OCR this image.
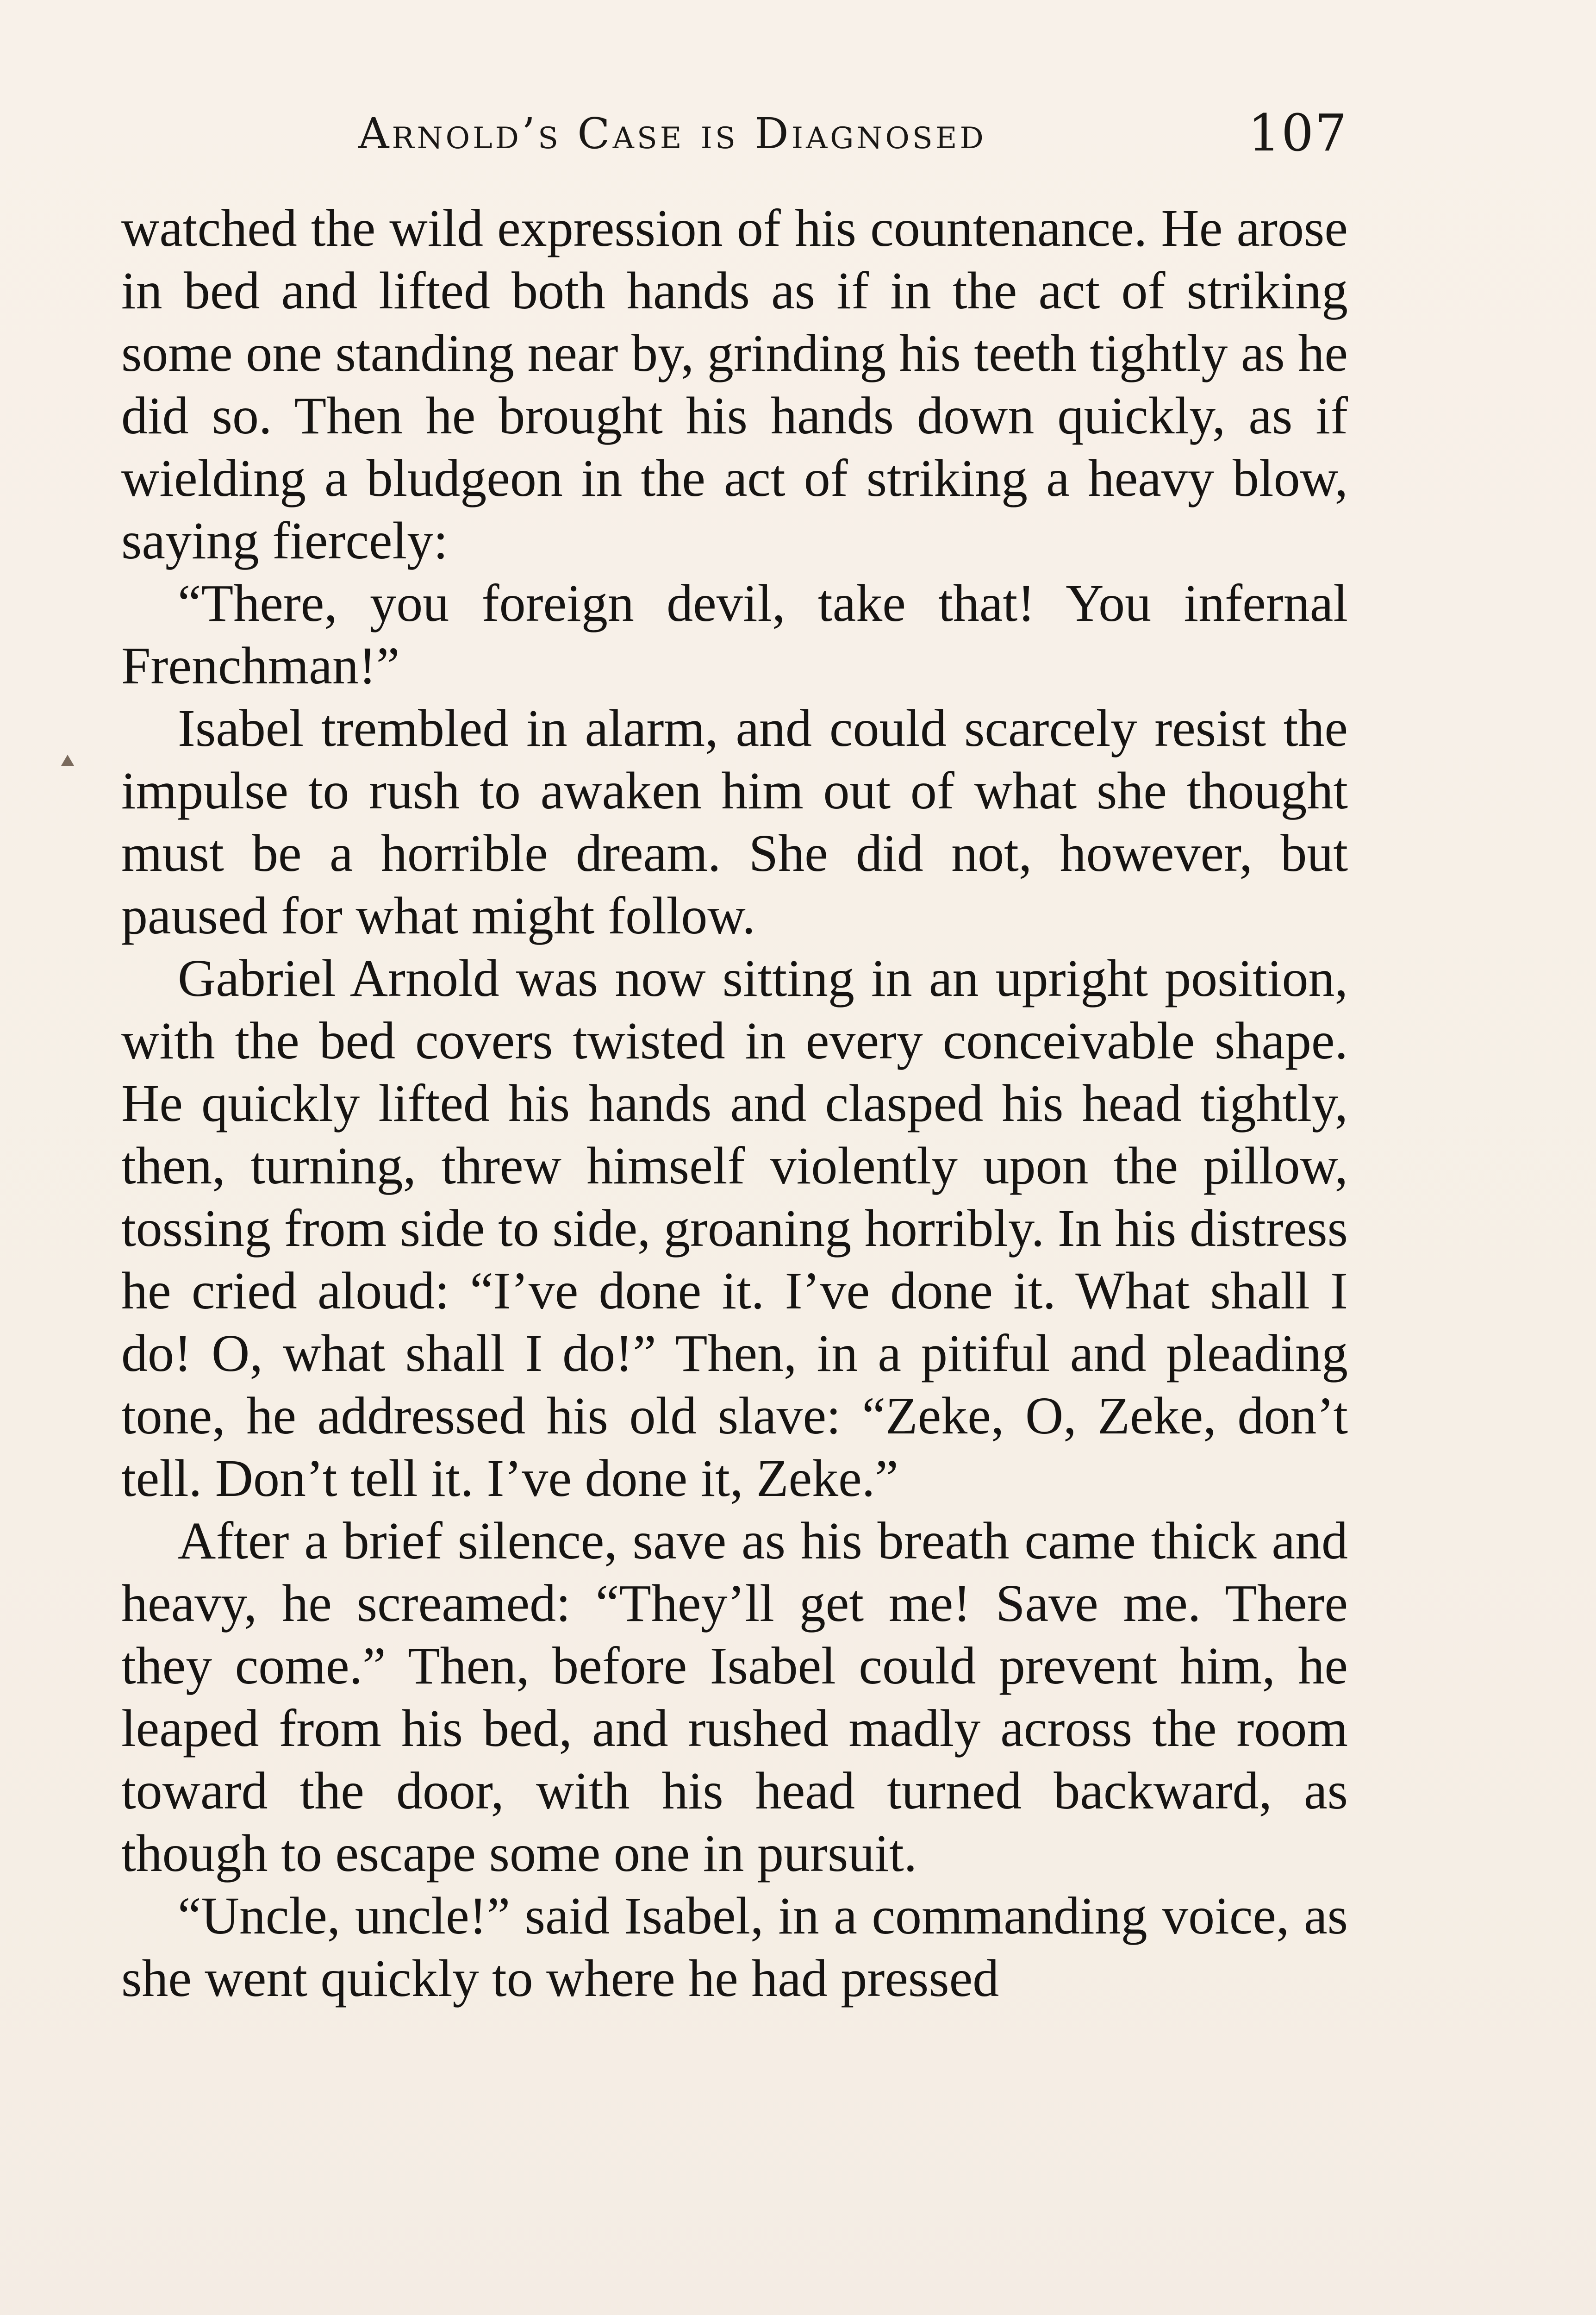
Arnold’s Case is Diagnosed	107

watched the wild expression of his countenance. He arose in bed and lifted both hands as if in the act of striking some one standing near by, grinding his teeth tightly as he did so. Then he brought his hands down quickly, as if wielding a bludgeon in the act of striking a heavy blow, saying fiercely:

“There, you foreign devil, take that! You infernal Frenchman!”

Isabel trembled in alarm, and could scarcely resist the impulse to rush to awaken him out of what she thought must be a horrible dream. She did not, however, but paused for what might follow.

Gabriel Arnold was now sitting in an upright position, with the bed covers twisted in every conceivable shape. He quickly lifted his hands and clasped his head tightly, then, turning, threw himself violently upon the pillow, tossing from side to side, groaning horribly. In his distress he cried aloud: “I’ve done it. I’ve done it. What shall I do! O, what shall I do!” Then, in a pitiful and pleading tone, he addressed his old slave: “Zeke, O, Zeke, don’t tell. Don’t tell it. I’ve done it, Zeke.”

After a brief silence, save as his breath came thick and heavy, he screamed: “They’ll get me! Save me. There they come.” Then, before Isabel could prevent him, he leaped from his bed, and rushed madly across the room toward the door, with his head turned backward, as though to escape some one in pursuit.

“Uncle, uncle!” said Isabel, in a commanding voice, as she went quickly to where he had pressed
